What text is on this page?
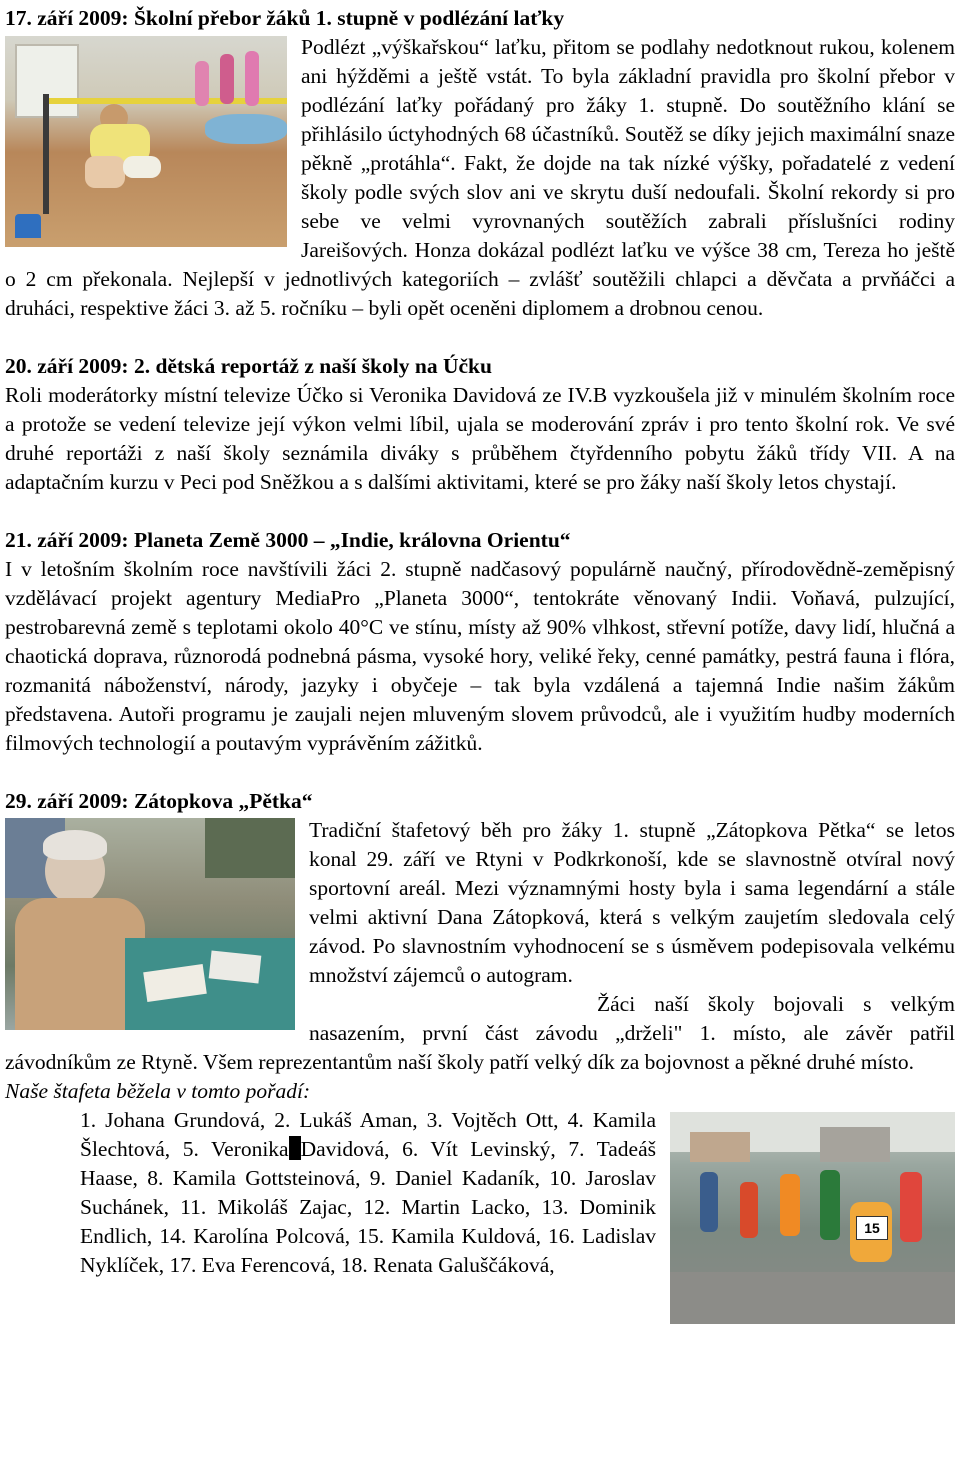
17. září 2009: Školní přebor žáků 1. stupně v podlézání laťky

Podlézt „výškařskou“ laťku, přitom se podlahy nedotknout rukou, kolenem ani hýžděmi a ještě vstát. To byla základní pravidla pro školní přebor v podlézání laťky pořádaný pro žáky 1. stupně. Do soutěžního klání se přihlásilo úctyhodných 68 účastníků. Soutěž se díky jejich maximální snaze pěkně „protáhla“. Fakt, že dojde na tak nízké výšky, pořadatelé z vedení školy podle svých slov ani ve skrytu duší nedoufali. Školní rekordy si pro sebe ve velmi vyrovnaných soutěžích zabrali příslušníci rodiny Jareišových. Honza dokázal podlézt laťku ve výšce 38 cm, Tereza ho ještě o 2 cm překonala. Nejlepší v jednotlivých kategoriích – zvlášť soutěžili chlapci a děvčata a prvňáčci a druháci, respektive žáci 3. až 5. ročníku – byli opět oceněni diplomem a drobnou cenou.

20. září 2009: 2. dětská reportáž z naší školy na Účku

Roli moderátorky místní televize Účko si Veronika Davidová ze IV.B vyzkoušela již v minulém školním roce a protože se vedení televize její výkon velmi líbil, ujala se moderování zpráv i pro tento školní rok. Ve své druhé reportáži z naší školy seznámila diváky s průběhem čtyřdenního pobytu žáků třídy VII. A na adaptačním kurzu v Peci pod Sněžkou a s dalšími aktivitami, které se pro žáky naší školy letos chystají.

21. září 2009: Planeta Země 3000 – „Indie, královna Orientu“

I v letošním školním roce navštívili žáci 2. stupně nadčasový populárně naučný, přírodovědně-zeměpisný vzdělávací projekt agentury MediaPro „Planeta 3000“, tentokráte věnovaný Indii. Voňavá, pulzující, pestrobarevná země s teplotami okolo 40°C ve stínu, místy až 90% vlhkost, střevní potíže, davy lidí, hlučná a chaotická doprava, různorodá podnebná pásma, vysoké hory, veliké řeky, cenné památky, pestrá fauna i flóra, rozmanitá náboženství, národy, jazyky i obyčeje – tak byla vzdálená a tajemná Indie našim žákům představena. Autoři programu je zaujali nejen mluveným slovem průvodců, ale i využitím hudby moderních filmových technologií a poutavým vyprávěním zážitků.

29. září 2009: Zátopkova „Pětka“

Tradiční štafetový běh pro žáky 1. stupně „Zátopkova Pětka“ se letos konal 29. září ve Rtyni v Podkrkonoší, kde se slavnostně otvíral nový sportovní areál. Mezi významnými hosty byla i sama legendární a stále velmi aktivní Dana Zátopková, která s velkým zaujetím sledovala celý závod. Po slavnostním vyhodnocení se s úsměvem podepisovala velkému množství zájemců o autogram.

Žáci naší školy bojovali s velkým nasazením, první část závodu „drželi" 1. místo, ale závěr patřil závodníkům ze Rtyně. Všem reprezentantům naší školy patří velký dík za bojovnost a pěkné druhé místo.

Naše štafeta běžela v tomto pořadí:

15

1. Johana Grundová, 2. Lukáš Aman, 3. Vojtěch Ott, 4. Kamila Šlechtová, 5. Veronika Davidová, 6. Vít Levinský, 7. Tadeáš Haase, 8. Kamila Gottsteinová, 9. Daniel Kadaník, 10. Jaroslav Suchánek, 11. Mikoláš Zajac, 12. Martin Lacko, 13. Dominik Endlich, 14. Karolína Polcová, 15. Kamila Kuldová, 16. Ladislav Nyklíček, 17. Eva Ferencová, 18. Renata Galuščáková,
